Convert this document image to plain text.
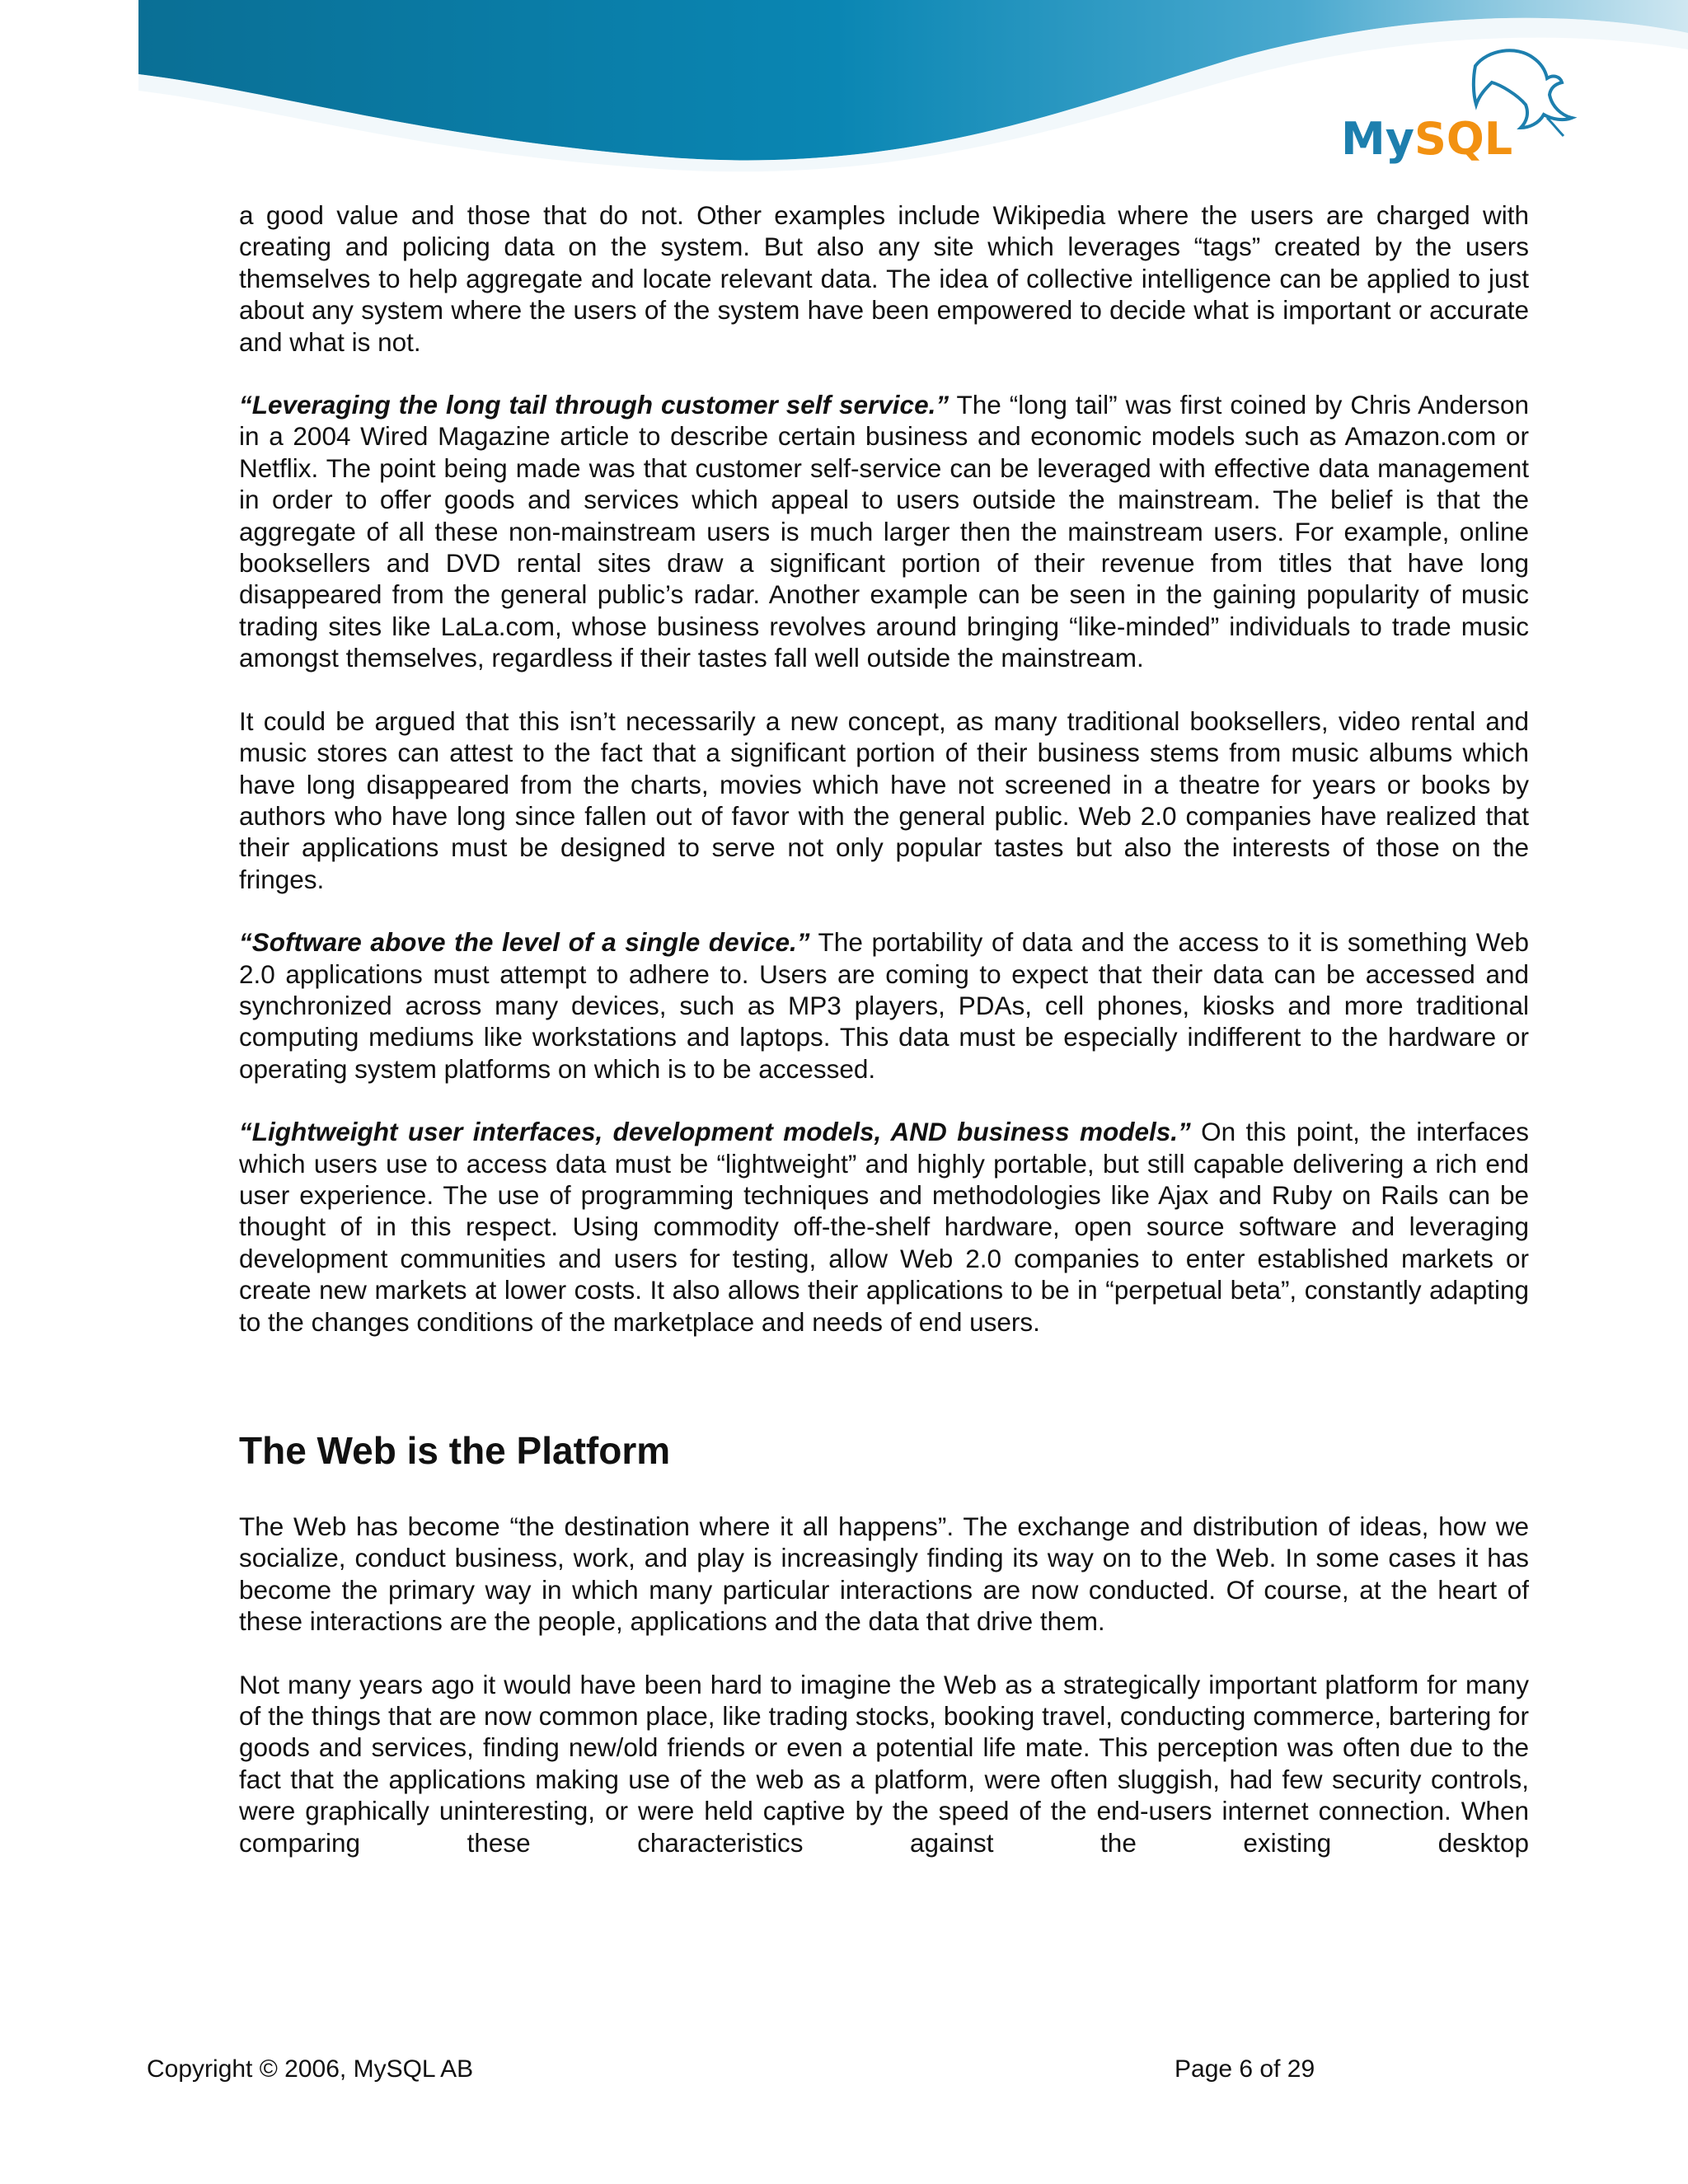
MySQL

a good value and those that do not. Other examples include Wikipedia where the users are charged with creating and policing data on the system. But also any site which leverages “tags” created by the users themselves to help aggregate and locate relevant data. The idea of collective intelligence can be applied to just about any system where the users of the system have been empowered to decide what is important or accurate and what is not.

“Leveraging the long tail through customer self service.” The “long tail” was first coined by Chris Anderson in a 2004 Wired Magazine article to describe certain business and economic models such as Amazon.com or Netflix. The point being made was that customer self-service can be leveraged with effective data management in order to offer goods and services which appeal to users outside the mainstream. The belief is that the aggregate of all these non-mainstream users is much larger then the mainstream users. For example, online booksellers and DVD rental sites draw a significant portion of their revenue from titles that have long disappeared from the general public’s radar. Another example can be seen in the gaining popularity of music trading sites like LaLa.com, whose business revolves around bringing “like-minded” individuals to trade music amongst themselves, regardless if their tastes fall well outside the mainstream.

It could be argued that this isn’t necessarily a new concept, as many traditional booksellers, video rental and music stores can attest to the fact that a significant portion of their business stems from music albums which have long disappeared from the charts, movies which have not screened in a theatre for years or books by authors who have long since fallen out of favor with the general public. Web 2.0 companies have realized that their applications must be designed to serve not only popular tastes but also the interests of those on the fringes.

“Software above the level of a single device.” The portability of data and the access to it is something Web 2.0 applications must attempt to adhere to. Users are coming to expect that their data can be accessed and synchronized across many devices, such as MP3 players, PDAs, cell phones, kiosks and more traditional computing mediums like workstations and laptops. This data must be especially indifferent to the hardware or operating system platforms on which is to be accessed.

“Lightweight user interfaces, development models, AND business models.” On this point, the interfaces which users use to access data must be “lightweight” and highly portable, but still capable delivering a rich end user experience. The use of programming techniques and methodologies like Ajax and Ruby on Rails can be thought of in this respect. Using commodity off-the-shelf hardware, open source software and leveraging development communities and users for testing, allow Web 2.0 companies to enter established markets or create new markets at lower costs. It also allows their applications to be in “perpetual beta”, constantly adapting to the changes conditions of the marketplace and needs of end users.

The Web is the Platform

The Web has become “the destination where it all happens”. The exchange and distribution of ideas, how we socialize, conduct business, work, and play is increasingly finding its way on to the Web. In some cases it has become the primary way in which many particular interactions are now conducted. Of course, at the heart of these interactions are the people, applications and the data that drive them.

Not many years ago it would have been hard to imagine the Web as a strategically important platform for many of the things that are now common place, like trading stocks, booking travel, conducting commerce, bartering for goods and services, finding new/old friends or even a potential life mate. This perception was often due to the fact that the applications making use of the web as a platform, were often sluggish, had few security controls, were graphically uninteresting, or were held captive by the speed of the end-users internet connection. When comparing these characteristics against the existing desktop

Copyright © 2006, MySQL AB	Page 6 of 29
